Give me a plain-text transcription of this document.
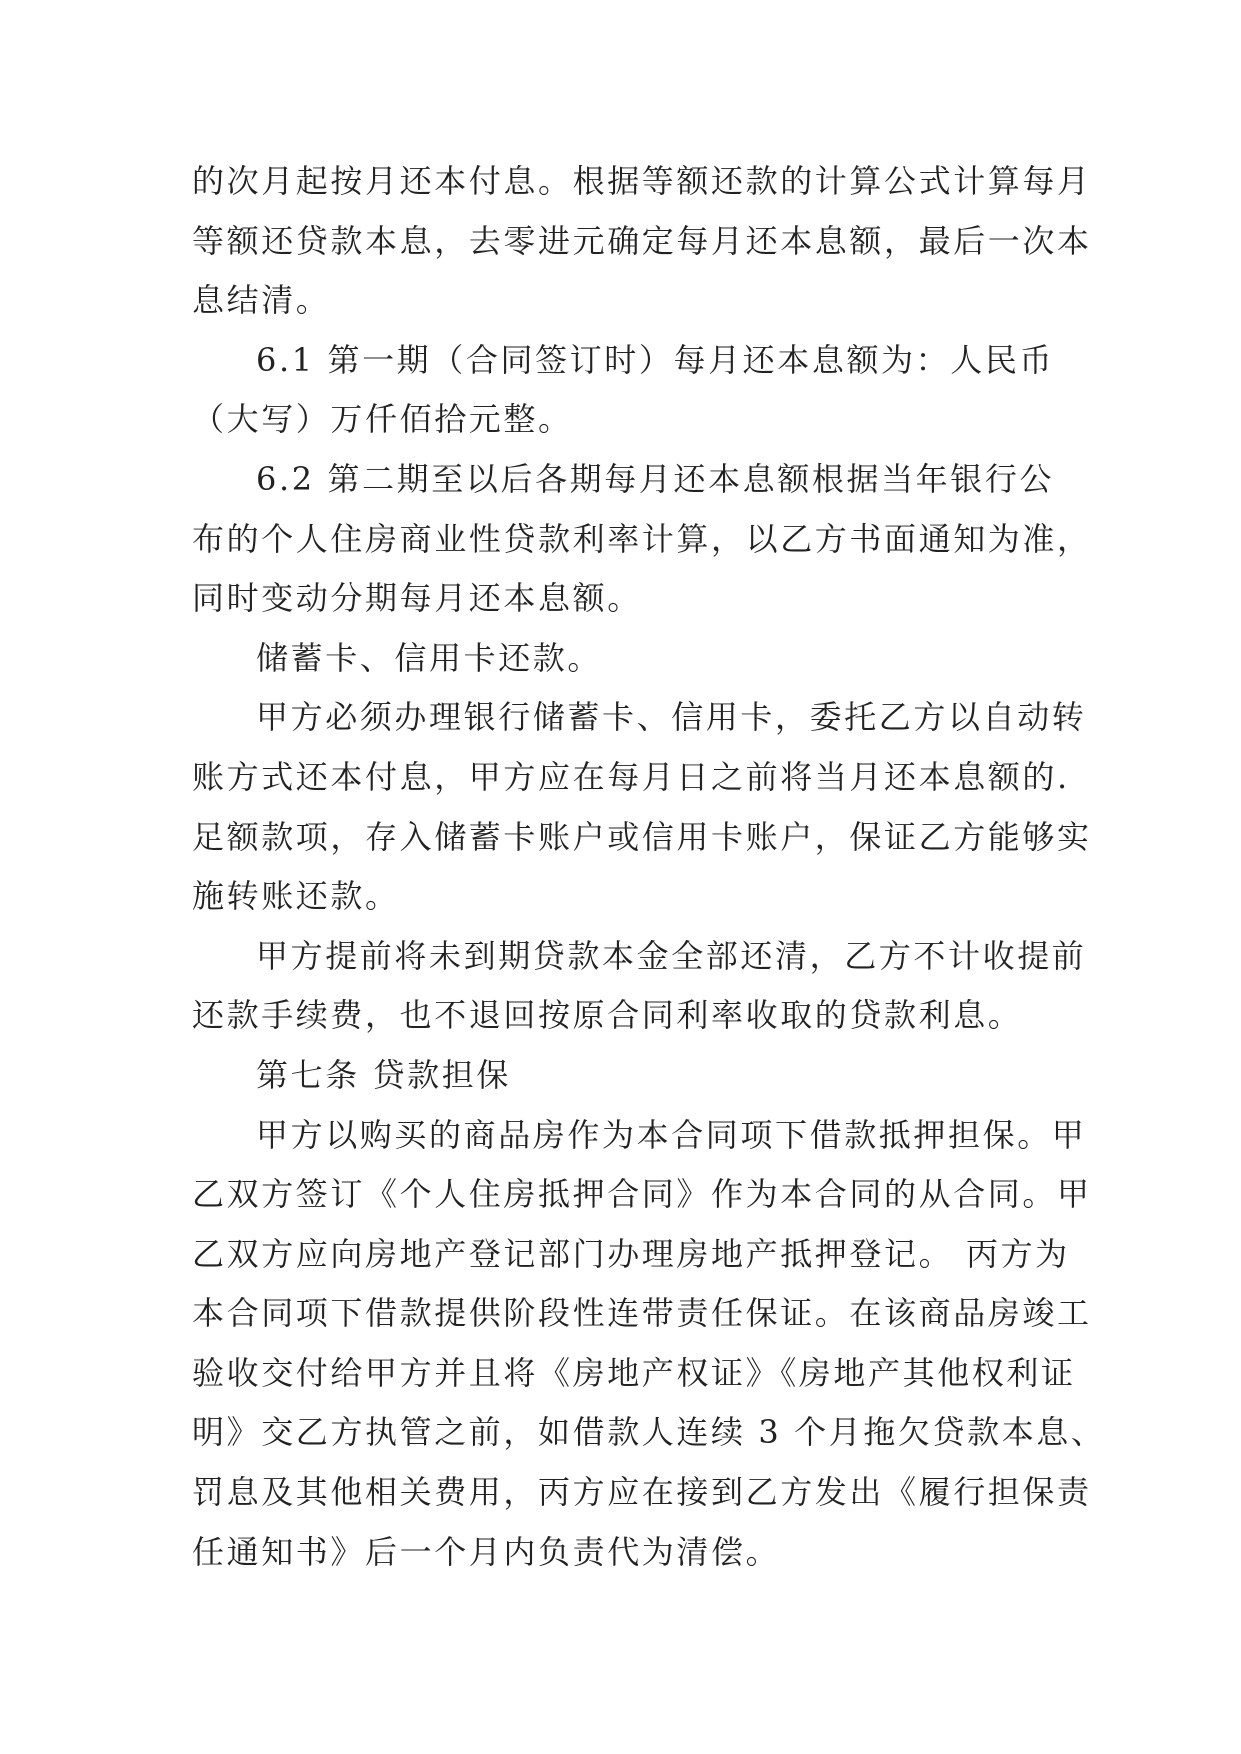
的次月起按月还本付息。根据等额还款的计算公式计算每月
等额还贷款本息，去零进元确定每月还本息额，最后一次本
息结清。
6.1 第一期（合同签订时）每月还本息额为：人民币
（大写）万仟佰拾元整。
6.2 第二期至以后各期每月还本息额根据当年银行公
布的个人住房商业性贷款利率计算，以乙方书面通知为准，
同时变动分期每月还本息额。
储蓄卡、信用卡还款。
甲方必须办理银行储蓄卡、信用卡，委托乙方以自动转
账方式还本付息，甲方应在每月日之前将当月还本息额的.
足额款项，存入储蓄卡账户或信用卡账户，保证乙方能够实
施转账还款。
甲方提前将未到期贷款本金全部还清，乙方不计收提前
还款手续费，也不退回按原合同利率收取的贷款利息。
第七条 贷款担保
甲方以购买的商品房作为本合同项下借款抵押担保。甲
乙双方签订《个人住房抵押合同》作为本合同的从合同。甲
乙双方应向房地产登记部门办理房地产抵押登记。 丙方为
本合同项下借款提供阶段性连带责任保证。在该商品房竣工
验收交付给甲方并且将《房地产权证》《房地产其他权利证
明》交乙方执管之前，如借款人连续 3 个月拖欠贷款本息、
罚息及其他相关费用，丙方应在接到乙方发出《履行担保责
任通知书》后一个月内负责代为清偿。
